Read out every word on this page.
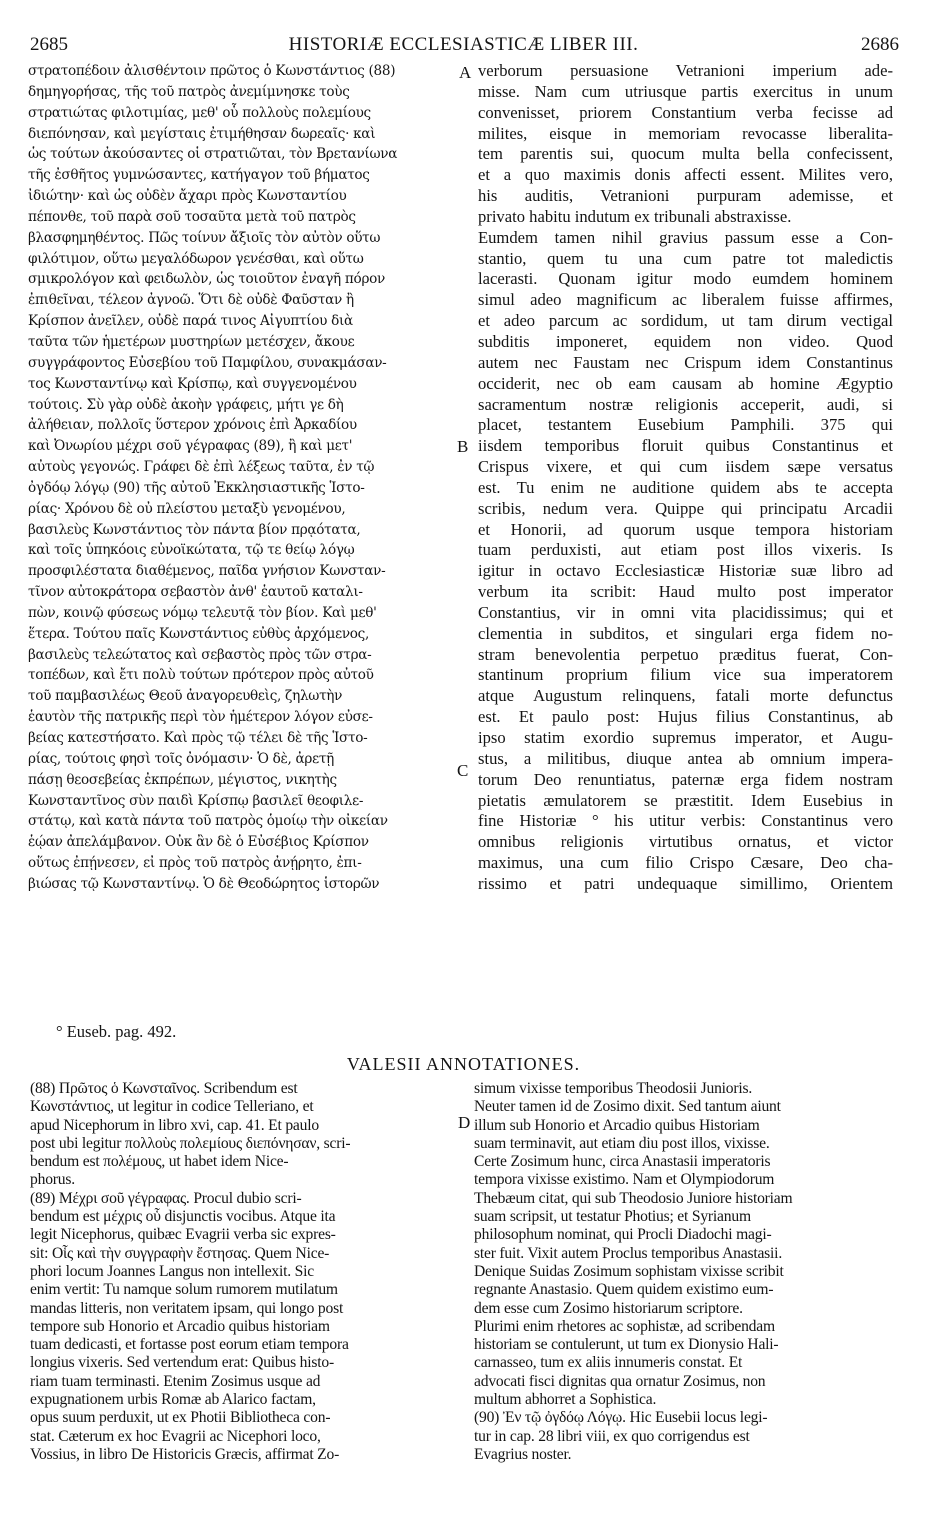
2685	HISTORIÆ ECCLESIASTICÆ LIBER III.	2686

στρατοπέδοιν ἀλισθέντοιν πρῶτος ὁ Κωνστάντιος (88)

δημηγορήσας, τῆς τοῦ πατρὸς ἀνεμίμνησκε τοὺς

στρατιώτας φιλοτιμίας, μεθ' οὗ πολλοὺς πολεμίους

διεπόνησαν, καὶ μεγίσταις ἐτιμήθησαν δωρεαῖς· καὶ

ὡς τούτων ἀκούσαντες οἱ στρατιῶται, τὸν Βρετανίωνα

τῆς ἐσθῆτος γυμνώσαντες, κατήγαγον τοῦ βήματος

ἰδιώτην· καὶ ὡς οὐδὲν ἄχαρι πρὸς Κωνσταντίου

πέπονθε, τοῦ παρὰ σοῦ τοσαῦτα μετὰ τοῦ πατρὸς

βλασφημηθέντος. Πῶς τοίνυν ἄξιοῖς τὸν αὐτὸν οὕτω

φιλότιμον, οὕτω μεγαλόδωρον γενέσθαι, καὶ οὕτω

σμικρολόγον καὶ φειδωλὸν, ὡς τοιοῦτον ἐναγῆ πόρον

ἐπιθεῖναι, τέλεον ἀγνοῶ. Ὅτι δὲ οὐδὲ Φαῦσταν ἢ

Κρίσπον ἀνεῖλεν, οὐδὲ παρά τινος Αἰγυπτίου διὰ

ταῦτα τῶν ἡμετέρων μυστηρίων μετέσχεν, ἄκουε

συγγράφοντος Εὐσεβίου τοῦ Παμφίλου, συνακμάσαν-

τος Κωνσταντίνῳ καὶ Κρίσπῳ, καὶ συγγενομένου

τούτοις. Σὺ γὰρ οὐδὲ ἀκοὴν γράφεις, μήτι γε δὴ

ἀλήθειαν, πολλοῖς ὕστερον χρόνοις ἐπὶ Ἀρκαδίου

καὶ Ὀνωρίου μέχρι σοῦ γέγραφας (89), ἢ καὶ μετ'

αὐτοὺς γεγονώς. Γράφει δὲ ἐπὶ λέξεως ταῦτα, ἐν τῷ

ὀγδόῳ λόγῳ (90) τῆς αὐτοῦ Ἐκκλησιαστικῆς Ἱστο-

ρίας· Χρόνου δὲ οὐ πλείστου μεταξὺ γενομένου,

βασιλεὺς Κωνστάντιος τὸν πάντα βίον πρᾳότατα,

καὶ τοῖς ὑπηκόοις εὐνοϊκώτατα, τῷ τε θείῳ λόγῳ

προσφιλέστατα διαθέμενος, παῖδα γνήσιον Κωνσταν-

τῖνον αὐτοκράτορα σεβαστὸν ἀνθ' ἑαυτοῦ καταλι-

πὼν, κοινῷ φύσεως νόμῳ τελευτᾷ τὸν βίον. Καὶ μεθ'

ἕτερα. Τούτου παῖς Κωνστάντιος εὐθὺς ἀρχόμενος,

βασιλεὺς τελεώτατος καὶ σεβαστὸς πρὸς τῶν στρα-

τοπέδων, καὶ ἔτι πολὺ τούτων πρότερον πρὸς αὐτοῦ

τοῦ παμβασιλέως Θεοῦ ἀναγορευθεὶς, ζηλωτὴν

ἑαυτὸν τῆς πατρικῆς περὶ τὸν ἡμέτερον λόγον εὐσε-

βείας κατεστήσατο. Καὶ πρὸς τῷ τέλει δὲ τῆς Ἱστο-

ρίας, τούτοις φησὶ τοῖς ὀνόμασιν· Ὁ δὲ, ἀρετῇ

πάσῃ θεοσεβείας ἐκπρέπων, μέγιστος, νικητὴς

Κωνσταντῖνος σὺν παιδὶ Κρίσπῳ βασιλεῖ θεοφιλε-

στάτῳ, καὶ κατὰ πάντα τοῦ πατρὸς ὁμοίῳ τὴν οἰκείαν

ἑῴαν ἀπελάμβανον. Οὐκ ἂν δὲ ὁ Εὐσέβιος Κρίσπον

οὕτως ἐπῄνεσεν, εἰ πρὸς τοῦ πατρὸς ἀνῄρητο, ἐπι-

βιώσας τῷ Κωνσταντίνῳ. Ὁ δὲ Θεοδώρητος ἱστορῶν

verborum persuasione Vetranioni imperium ade-

misse. Nam cum utriusque partis exercitus in unum

convenisset, priorem Constantium verba fecisse ad

milites, eisque in memoriam revocasse liberalita-

tem parentis sui, quocum multa bella confecissent,

et a quo maximis donis affecti essent. Milites vero,

his auditis, Vetranioni purpuram ademisse, et

privato habitu indutum ex tribunali abstraxisse.

Eumdem tamen nihil gravius passum esse a Con-

stantio, quem tu una cum patre tot maledictis

lacerasti. Quonam igitur modo eumdem hominem

simul adeo magnificum ac liberalem fuisse affirmes,

et adeo parcum ac sordidum, ut tam dirum vectigal

subditis imponeret, equidem non video. Quod

autem nec Faustam nec Crispum idem Constantinus

occiderit, nec ob eam causam ab homine Ægyptio

sacramentum nostræ religionis acceperit, audi, si

placet, testantem Eusebium Pamphili. 375 qui

iisdem temporibus floruit quibus Constantinus et

Crispus vixere, et qui cum iisdem sæpe versatus

est. Tu enim ne auditione quidem abs te accepta

scribis, nedum vera. Quippe qui principatu Arcadii

et Honorii, ad quorum usque tempora historiam

tuam perduxisti, aut etiam post illos vixeris. Is

igitur in octavo Ecclesiasticæ Historiæ suæ libro ad

verbum ita scribit: Haud multo post imperator

Constantius, vir in omni vita placidissimus; qui et

clementia in subditos, et singulari erga fidem no-

stram benevolentia perpetuo præditus fuerat, Con-

stantinum proprium filium vice sua imperatorem

atque Augustum relinquens, fatali morte defunctus

est. Et paulo post: Hujus filius Constantinus, ab

ipso statim exordio supremus imperator, et Augu-

stus, a militibus, diuque antea ab omnium impera-

torum Deo renuntiatus, paternæ erga fidem nostram

pietatis æmulatorem se præstitit. Idem Eusebius in

fine Historiæ ° his utitur verbis: Constantinus vero

omnibus religionis virtutibus ornatus, et victor

maximus, una cum filio Crispo Cæsare, Deo cha-

rissimo et patri undequaque simillimo, Orientem

A
B
C
D
° Euseb. pag. 492.
VALESII ANNOTATIONES.

(88) Πρῶτος ὁ Κωνσταῖνος. Scribendum est

Κωνστάντιος, ut legitur in codice Telleriano, et

apud Nicephorum in libro xvi, cap. 41. Et paulo

post ubi legitur πολλοὺς πολεμίους διεπόνησαν, scri-

bendum est πολέμους, ut habet idem Nice-

phorus.

(89) Μέχρι σοῦ γέγραφας. Procul dubio scri-

bendum est μέχρις οὗ disjunctis vocibus. Atque ita

legit Nicephorus, quibæc Evagrii verba sic expres-

sit: Οἷς καὶ τὴν συγγραφὴν ἔστησας. Quem Nice-

phori locum Joannes Langus non intellexit. Sic

enim vertit: Tu namque solum rumorem mutilatum

mandas litteris, non veritatem ipsam, qui longo post

tempore sub Honorio et Arcadio quibus historiam

tuam dedicasti, et fortasse post eorum etiam tempora

longius vixeris. Sed vertendum erat: Quibus histo-

riam tuam terminasti. Etenim Zosimus usque ad

expugnationem urbis Romæ ab Alarico factam,

opus suum perduxit, ut ex Photii Bibliotheca con-

stat. Cæterum ex hoc Evagrii ac Nicephori loco,

Vossius, in libro De Historicis Græcis, affirmat Zo-

simum vixisse temporibus Theodosii Junioris.

Neuter tamen id de Zosimo dixit. Sed tantum aiunt

illum sub Honorio et Arcadio quibus Historiam

suam terminavit, aut etiam diu post illos, vixisse.

Certe Zosimum hunc, circa Anastasii imperatoris

tempora vixisse existimo. Nam et Olympiodorum

Thebæum citat, qui sub Theodosio Juniore historiam

suam scripsit, ut testatur Photius; et Syrianum

philosophum nominat, qui Procli Diadochi magi-

ster fuit. Vixit autem Proclus temporibus Anastasii.

Denique Suidas Zosimum sophistam vixisse scribit

regnante Anastasio. Quem quidem existimo eum-

dem esse cum Zosimo historiarum scriptore.

Plurimi enim rhetores ac sophistæ, ad scribendam

historiam se contulerunt, ut tum ex Dionysio Hali-

carnasseo, tum ex aliis innumeris constat. Et

advocati fisci dignitas qua ornatur Zosimus, non

multum abhorret a Sophistica.

(90) Ἐν τῷ ὀγδόῳ Λόγῳ. Hic Eusebii locus legi-

tur in cap. 28 libri viii, ex quo corrigendus est

Evagrius noster.
